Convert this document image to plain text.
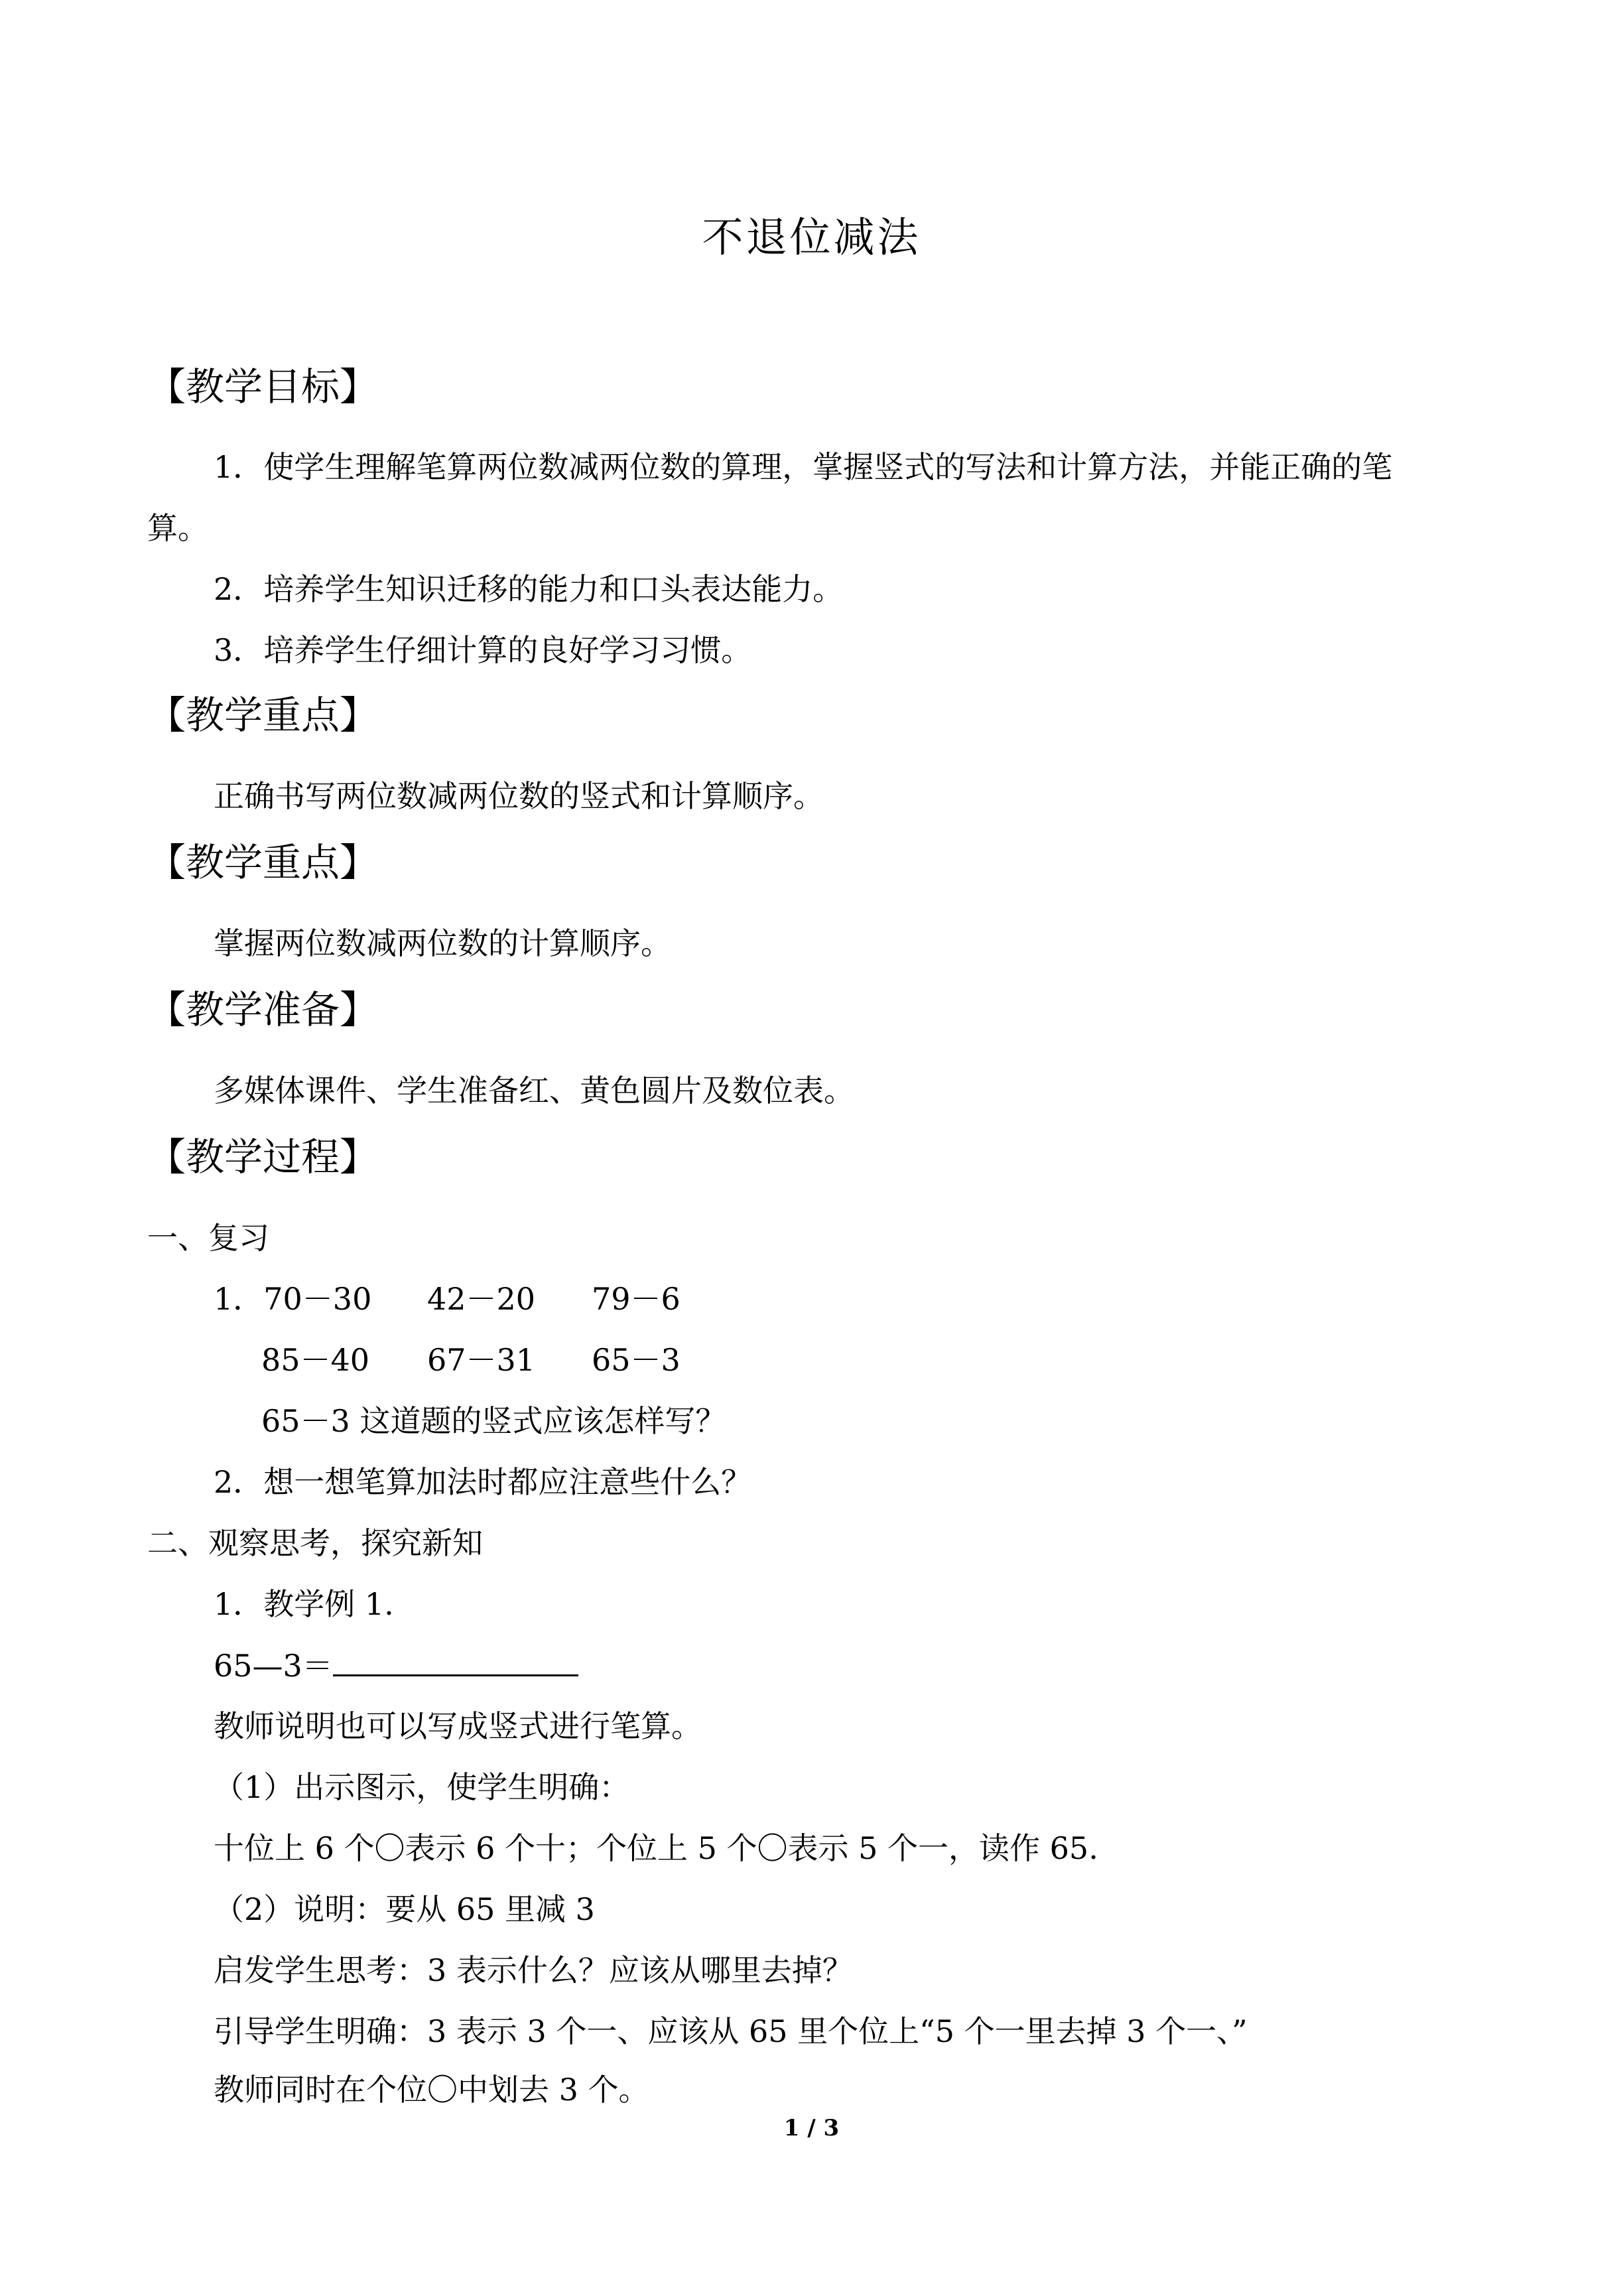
不退位减法
【教学目标】
1．使学生理解笔算两位数减两位数的算理，掌握竖式的写法和计算方法，并能正确的笔
算。
2．培养学生知识迁移的能力和口头表达能力。
3．培养学生仔细计算的良好学习习惯。
【教学重点】
正确书写两位数减两位数的竖式和计算顺序。
【教学重点】
掌握两位数减两位数的计算顺序。
【教学准备】
多媒体课件、学生准备红、黄色圆片及数位表。
【教学过程】
一、复习
1．70－30 42－20 79－6
85－40 67－31 65－3
65－3 这道题的竖式应该怎样写？
2．想一想笔算加法时都应注意些什么？
二、观察思考，探究新知
1．教学例 1.
65—3＝
教师说明也可以写成竖式进行笔算。
（1）出示图示，使学生明确：
十位上 6 个〇表示 6 个十；个位上 5 个〇表示 5 个一，读作 65.
（2）说明：要从 65 里减 3
启发学生思考：3 表示什么？应该从哪里去掉？
引导学生明确：3 表示 3 个一、应该从 65 里个位上“5 个一里去掉 3 个一、”
教师同时在个位〇中划去 3 个。
1 / 3
